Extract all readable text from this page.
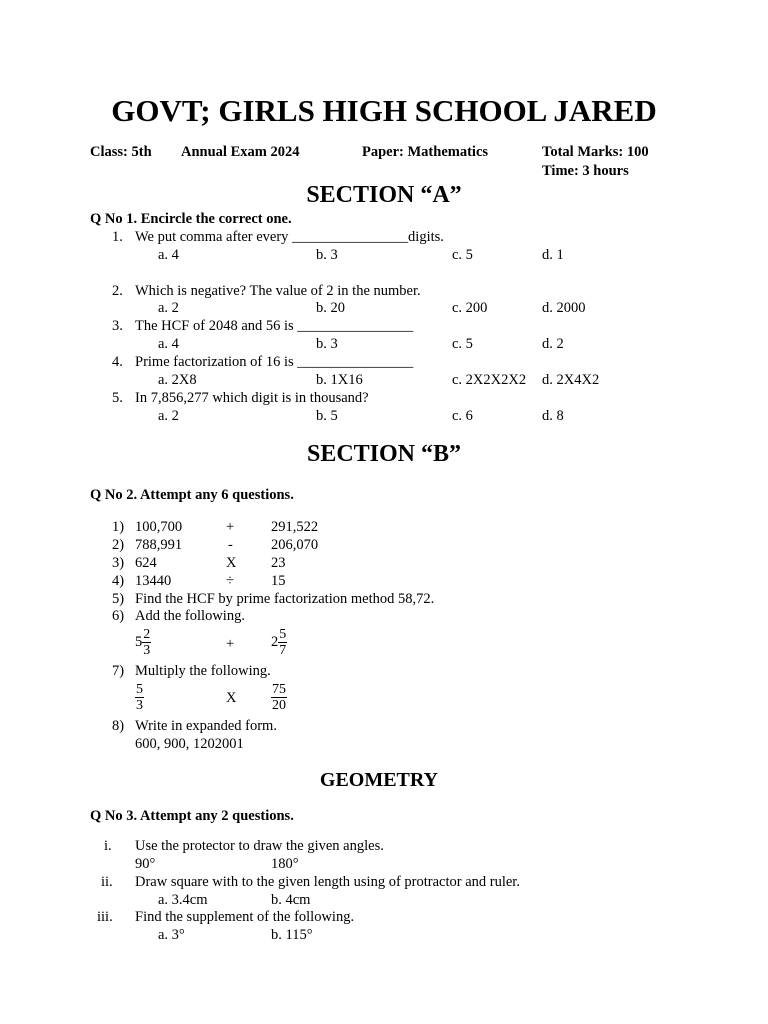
GOVT; GIRLS HIGH SCHOOL JARED
Class: 5th Annual Exam 2024	Paper: Mathematics	Total Marks: 100
Time: 3 hours
SECTION “A”
Q No 1. Encircle the correct one.
1. We put comma after every ________________digits.
a. 4	b. 3	c. 5	d. 1
2. Which is negative? The value of 2 in the number.
a. 2	b. 20	c. 200	d. 2000
3. The HCF of 2048 and 56 is ________________
a. 4	b. 3	c. 5	d. 2
4. Prime factorization of 16 is ________________
a. 2X8	b. 1X16	c. 2X2X2X2 d. 2X4X2
5. In 7,856,277 which digit is in thousand?
a. 2	b. 5	c. 6	d. 8
SECTION “B”
Q No 2. Attempt any 6 questions.
1) 100,700	+	291,522
2) 788,991	-	206,070
3) 624	X 23
4) 13440	÷	15
5) Find the HCF by prime factorization method 58,72.
6) Add the following.
$5 \frac{2}{3}$	+	$2 \frac{5}{7}$
7) Multiply the following.
$\frac{5}{3}$	X $\frac{75}{20}$
8) Write in expanded form.
600, 900, 1202001
GEOMETRY
Q No 3. Attempt any 2 questions.
i. Use the protector to draw the given angles.
90°	180°
ii. Draw square with to the given length using of protractor and ruler.
a. 3.4cm	b. 4cm
iii. Find the supplement of the following.
a. 3°	b. 115°
